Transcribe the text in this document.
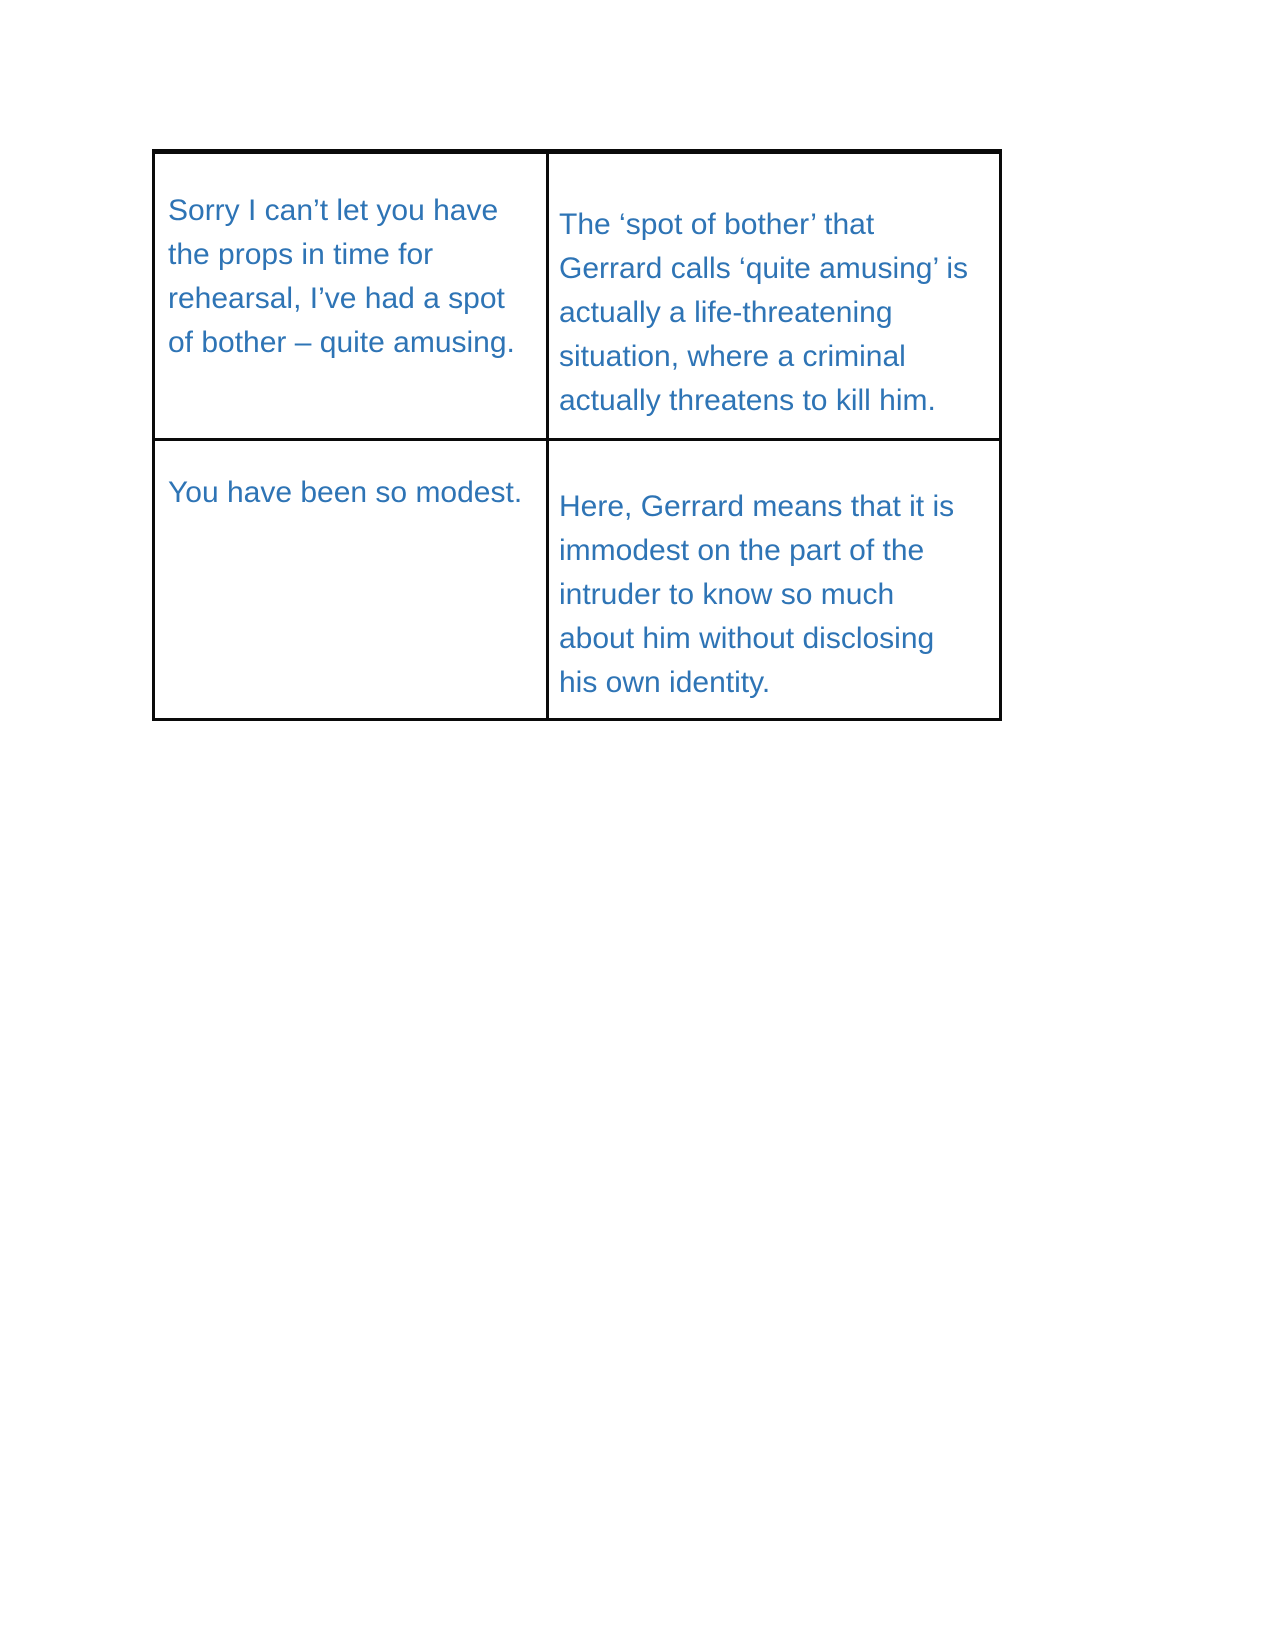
Sorry I can’t let you have
the props in time for
rehearsal, I’ve had a spot
of bother – quite amusing.
The ‘spot of bother’ that
Gerrard calls ‘quite amusing’ is
actually a life-threatening
situation, where a criminal
actually threatens to kill him.
You have been so modest.	Here, Gerrard means that it is
immodest on the part of the
intruder to know so much
about him without disclosing
his own identity.
